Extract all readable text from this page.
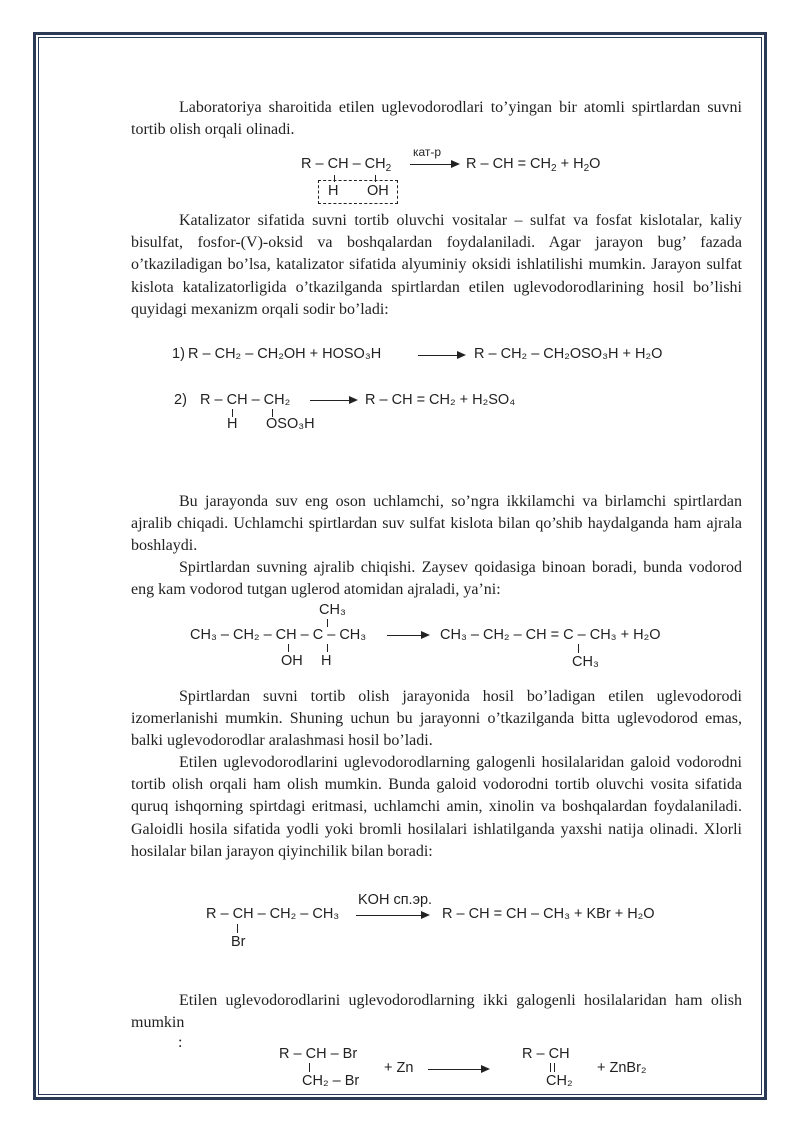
Laboratoriya sharoitida etilen uglevodorodlari to’yingan bir atomli spirtlardan suvni tortib olish orqali olinadi.

R – CH – $CH_2$
кат-р
R – CH = $CH_2 + H_2O$
H OH

Katalizator sifatida suvni tortib oluvchi vositalar – sulfat va fosfat kislotalar, kaliy bisulfat, fosfor-(V)-oksid va boshqalardan foydalaniladi. Agar jarayon bug’ fazada o’tkaziladigan bo’lsa, katalizator sifatida alyuminiy oksidi ishlatilishi mumkin. Jarayon sulfat kislota katalizatorligida o’tkazilganda spirtlardan etilen uglevodorodlarining hosil bo’lishi quyidagi mexanizm orqali sodir bo’ladi:

1) R – CH₂ – CH₂OH + HOSO₃H	R – CH₂ – CH₂OSO₃H + H₂O
2) R – CH – CH₂	R – CH = CH₂ + H₂SO₄
H OSO₃H

Bu jarayonda suv eng oson uchlamchi, so’ngra ikkilamchi va birlamchi spirtlardan ajralib chiqadi. Uchlamchi spirtlardan suv sulfat kislota bilan qo’shib haydalganda ham ajrala boshlaydi.

Spirtlardan suvning ajralib chiqishi. Zaysev qoidasiga binoan boradi, bunda vodorod eng kam vodorod tutgan uglerod atomidan ajraladi, ya’ni:

CH₃
CH₃ – CH₂ – CH – C – CH₃
OH H
CH₃ – CH₂ – CH = C – CH₃ + H₂O
CH₃

Spirtlardan suvni tortib olish jarayonida hosil bo’ladigan etilen uglevodorodi izomerlanishi mumkin. Shuning uchun bu jarayonni o’tkazilganda bitta uglevodorod emas, balki uglevodorodlar aralashmasi hosil bo’ladi.

Etilen uglevodorodlarini uglevodorodlarning galogenli hosilalaridan galoid vodorodni tortib olish orqali ham olish mumkin. Bunda galoid vodorodni tortib oluvchi vosita sifatida quruq ishqorning spirtdagi eritmasi, uchlamchi amin, xinolin va boshqalardan foydalaniladi. Galoidli hosila sifatida yodli yoki bromli hosilalari ishlatilganda yaxshi natija olinadi. Xlorli hosilalar bilan jarayon qiyinchilik bilan boradi:

KOH сп.эр.
R – CH – CH₂ – CH₃
Br
R – CH = CH – CH₃ + KBr + H₂O

Etilen uglevodorodlarini uglevodorodlarning ikki galogenli hosilalaridan ham olish mumkin

:
R – CH – Br
CH₂ – Br
+ Zn
R – CH
CH₂
+ ZnBr₂
